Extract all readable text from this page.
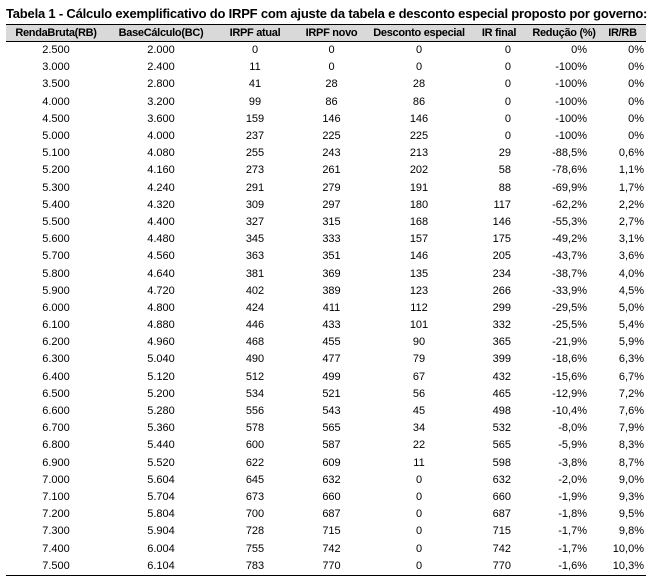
Tabela 1 - Cálculo exemplificativo do IRPF com ajuste da tabela e desconto especial proposto por governo:
RendaBruta(RB)	BaseCálculo(BC)	IRPF atual	IRPF novo	Desconto especial	IR final	Redução (%)	IR/RB
2.500	2.000	0	0	0	0	0%	0%
3.000	2.400	11	0	0	0	-100%	0%
3.500	2.800	41	28	28	0	-100%	0%
4.000	3.200	99	86	86	0	-100%	0%
4.500	3.600	159	146	146	0	-100%	0%
5.000	4.000	237	225	225	0	-100%	0%
5.100	4.080	255	243	213	29	-88,5%	0,6%
5.200	4.160	273	261	202	58	-78,6%	1,1%
5.300	4.240	291	279	191	88	-69,9%	1,7%
5.400	4.320	309	297	180	117	-62,2%	2,2%
5.500	4.400	327	315	168	146	-55,3%	2,7%
5.600	4.480	345	333	157	175	-49,2%	3,1%
5.700	4.560	363	351	146	205	-43,7%	3,6%
5.800	4.640	381	369	135	234	-38,7%	4,0%
5.900	4.720	402	389	123	266	-33,9%	4,5%
6.000	4.800	424	411	112	299	-29,5%	5,0%
6.100	4.880	446	433	101	332	-25,5%	5,4%
6.200	4.960	468	455	90	365	-21,9%	5,9%
6.300	5.040	490	477	79	399	-18,6%	6,3%
6.400	5.120	512	499	67	432	-15,6%	6,7%
6.500	5.200	534	521	56	465	-12,9%	7,2%
6.600	5.280	556	543	45	498	-10,4%	7,6%
6.700	5.360	578	565	34	532	-8,0%	7,9%
6.800	5.440	600	587	22	565	-5,9%	8,3%
6.900	5.520	622	609	11	598	-3,8%	8,7%
7.000	5.604	645	632	0	632	-2,0%	9,0%
7.100	5.704	673	660	0	660	-1,9%	9,3%
7.200	5.804	700	687	0	687	-1,8%	9,5%
7.300	5.904	728	715	0	715	-1,7%	9,8%
7.400	6.004	755	742	0	742	-1,7%	10,0%
7.500	6.104	783	770	0	770	-1,6%	10,3%
